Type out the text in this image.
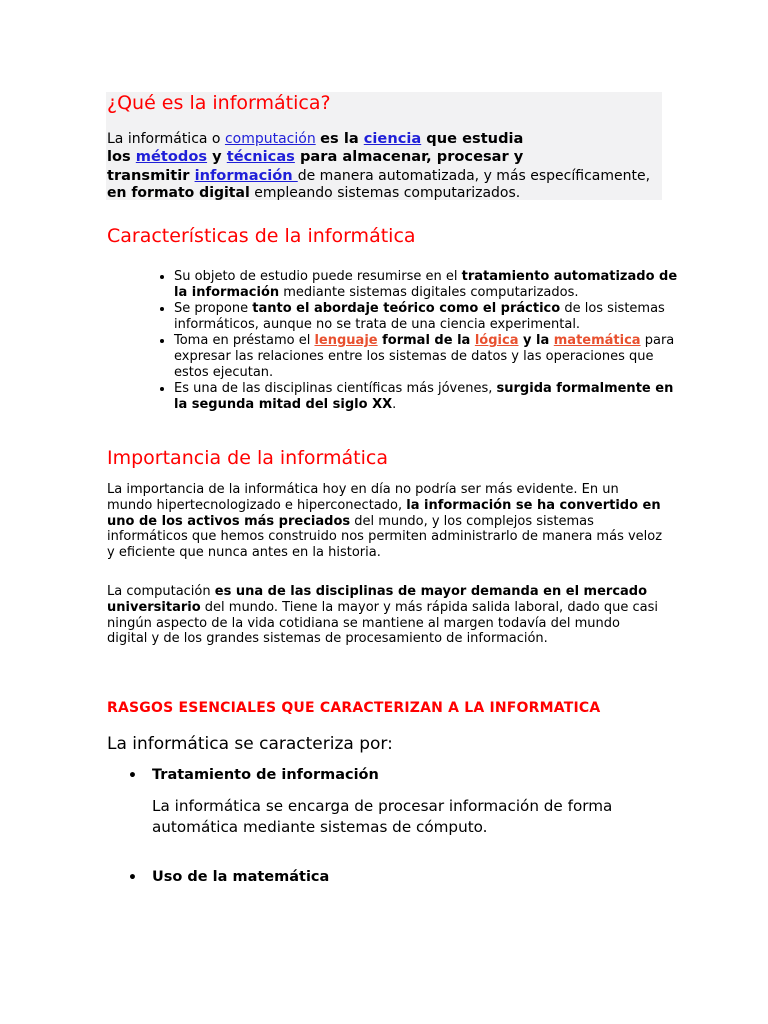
¿Qué es la informática?

La informática o computación es la ciencia que estudia
los métodos y técnicas para almacenar, procesar y
transmitir información de manera automatizada, y más específicamente, en formato digital empleando sistemas computarizados.

Características de la informática
• Su objeto de estudio puede resumirse en el tratamiento automatizado de la información mediante sistemas digitales computarizados.
• Se propone tanto el abordaje teórico como el práctico de los sistemas informáticos, aunque no se trata de una ciencia experimental.
• Toma en préstamo el lenguaje formal de la lógica y la matemática para expresar las relaciones entre los sistemas de datos y las operaciones que estos ejecutan.
• Es una de las disciplinas científicas más jóvenes, surgida formalmente en la segunda mitad del siglo XX.
Importancia de la informática

La importancia de la informática hoy en día no podría ser más evidente. En un mundo hipertecnologizado e hiperconectado, la información se ha convertido en uno de los activos más preciados del mundo, y los complejos sistemas informáticos que hemos construido nos permiten administrarlo de manera más veloz y eficiente que nunca antes en la historia.

La computación es una de las disciplinas de mayor demanda en el mercado universitario del mundo. Tiene la mayor y más rápida salida laboral, dado que casi ningún aspecto de la vida cotidiana se mantiene al margen todavía del mundo digital y de los grandes sistemas de procesamiento de información.

RASGOS ESENCIALES QUE CARACTERIZAN A LA INFORMATICA

La informática se caracteriza por:

• Tratamiento de información

La informática se encarga de procesar información de forma automática mediante sistemas de cómputo.

• Uso de la matemática
